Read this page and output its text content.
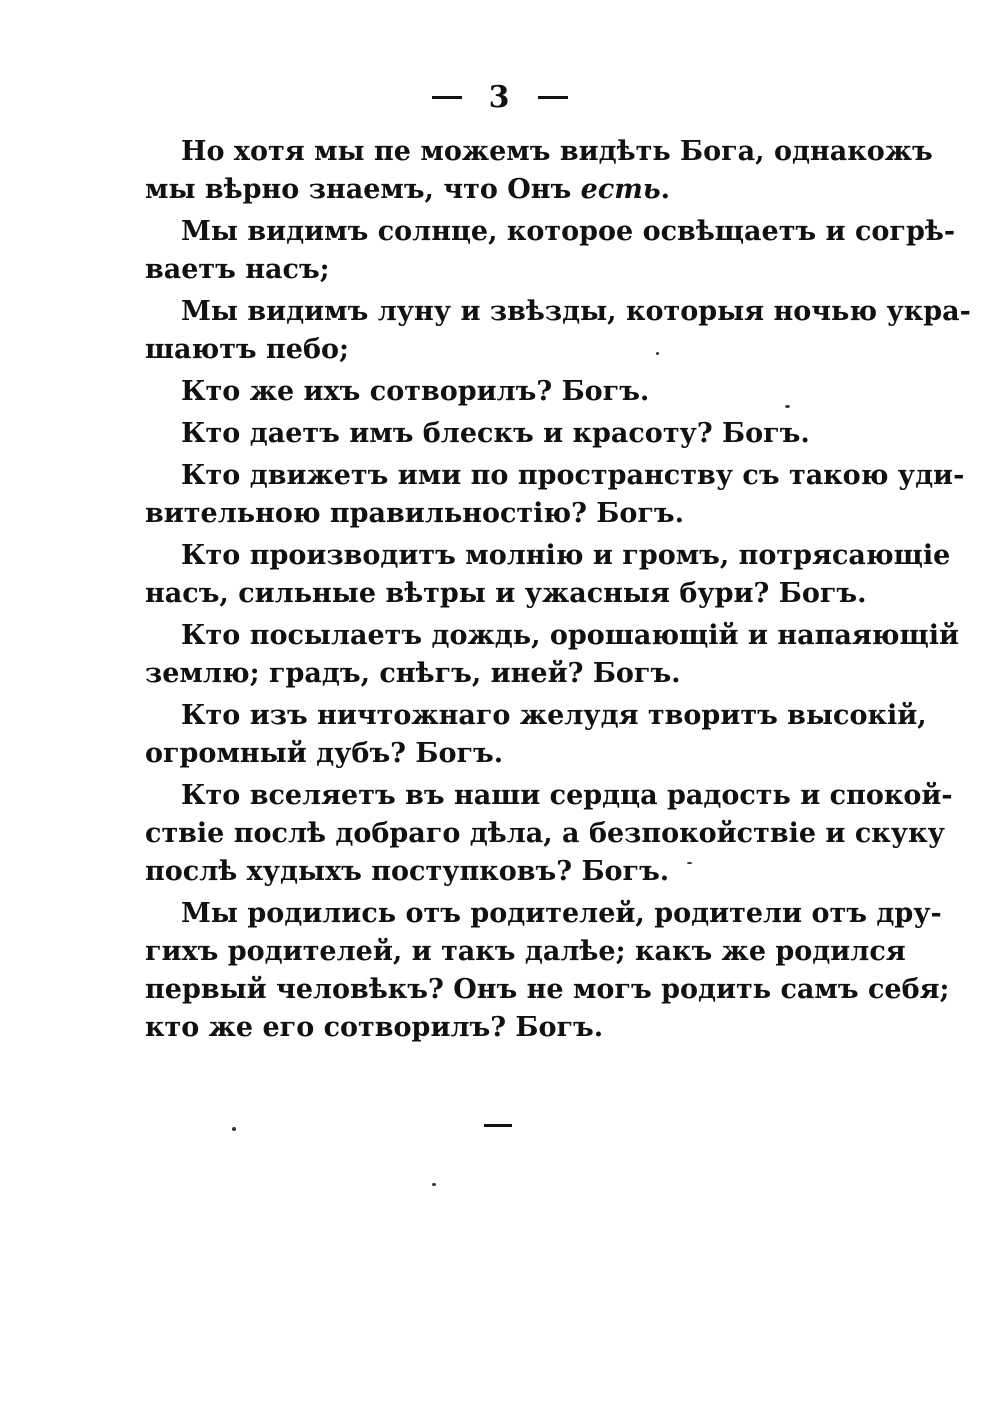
3
Но хотя мы пе можемъ видѣть Бога, однакожъ
мы вѣрно знаемъ, что Онъ есть.
Мы видимъ солнце, которое освѣщаетъ и согрѣ-
ваетъ насъ;
Мы видимъ луну и звѣзды, которыя ночью укра-
шаютъ пебо;
Кто же ихъ сотворилъ? Богъ.
Кто даетъ имъ блескъ и красоту? Богъ.
Кто движетъ ими по пространству съ такою уди-
вительною правильностію? Богъ.
Кто производитъ молнію и громъ, потрясающіе
насъ, сильные вѣтры и ужасныя бури? Богъ.
Кто посылаетъ дождь, орошающій и напаяющій
землю; градъ, снѣгъ, иней? Богъ.
Кто изъ ничтожнаго желудя творитъ высокій,
огромный дубъ? Богъ.
Кто вселяетъ въ наши сердца радость и спокой-
ствіе послѣ добраго дѣла, а безпокойствіе и скуку
послѣ худыхъ поступковъ? Богъ.
Мы родились отъ родителей, родители отъ дру-
гихъ родителей, и такъ далѣе; какъ же родился
первый человѣкъ? Онъ не могъ родить самъ себя;
кто же его сотворилъ? Богъ.
